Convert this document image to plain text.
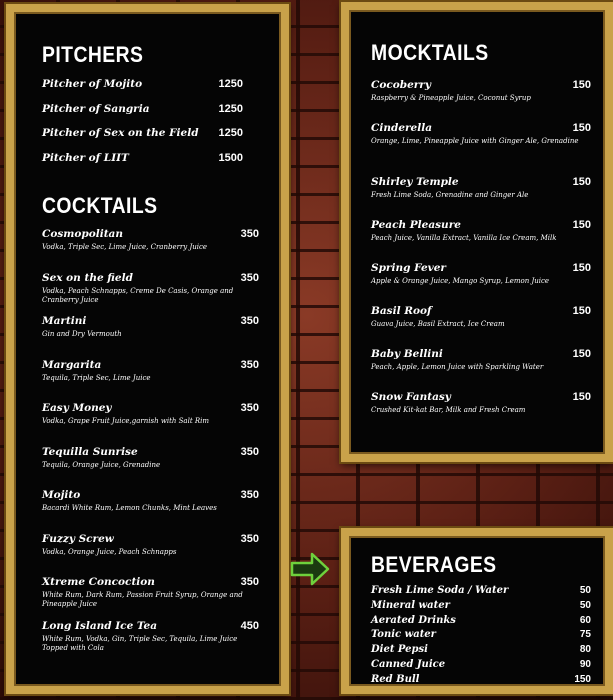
PITCHERS
Pitcher of Mojito	1250
Pitcher of Sangria	1250
Pitcher of Sex on the Field 1250
Pitcher of LIIT	1500
COCKTAILS
Cosmopolitan	350
Vodka, Triple Sec, Lime Juice, Cranberry Juice
Sex on the field	350
Vodka, Peach Schnapps, Creme De Casis, Orange and Cranberry Juice
Martini	350
Gin and Dry Vermouth
Margarita	350
Tequila, Triple Sec, Lime Juice
Easy Money	350
Vodka, Grape Fruit Juice,garnish with Salt Rim
Tequilla Sunrise	350
Tequila, Orange Juice, Grenadine
Mojito	350
Bacardi White Rum, Lemon Chunks, Mint Leaves
Fuzzy Screw	350
Vodka, Orange Juice, Peach Schnapps
Xtreme Concoction	350
White Rum, Dark Rum, Passion Fruit Syrup, Orange and Pineapple Juice
Long Island Ice Tea	450
White Rum, Vodka, Gin, Triple Sec, Tequila, Lime Juice Topped with Cola
MOCKTAILS
Cocoberry	150
Raspberry & Pineapple Juice, Coconut Syrup
Cinderella	150
Orange, Lime, Pineapple Juice with Ginger Ale, Grenadine
Shirley Temple	150
Fresh Lime Soda, Grenadine and Ginger Ale
Peach Pleasure	150
Peach Juice, Vanilla Extract, Vanilla Ice Cream, Milk
Spring Fever	150
Apple & Orange Juice, Mango Syrup, Lemon Juice
Basil Roof	150
Guava Juice, Basil Extract, Ice Cream
Baby Bellini	150
Peach, Apple, Lemon Juice with Sparkling Water
Snow Fantasy	150
Crushed Kit-kat Bar, Milk and Fresh Cream
BEVERAGES
Fresh Lime Soda / Water	50
Mineral water	50
Aerated Drinks	60
Tonic water	75
Diet Pepsi	80
Canned Juice	90
Red Bull	150
